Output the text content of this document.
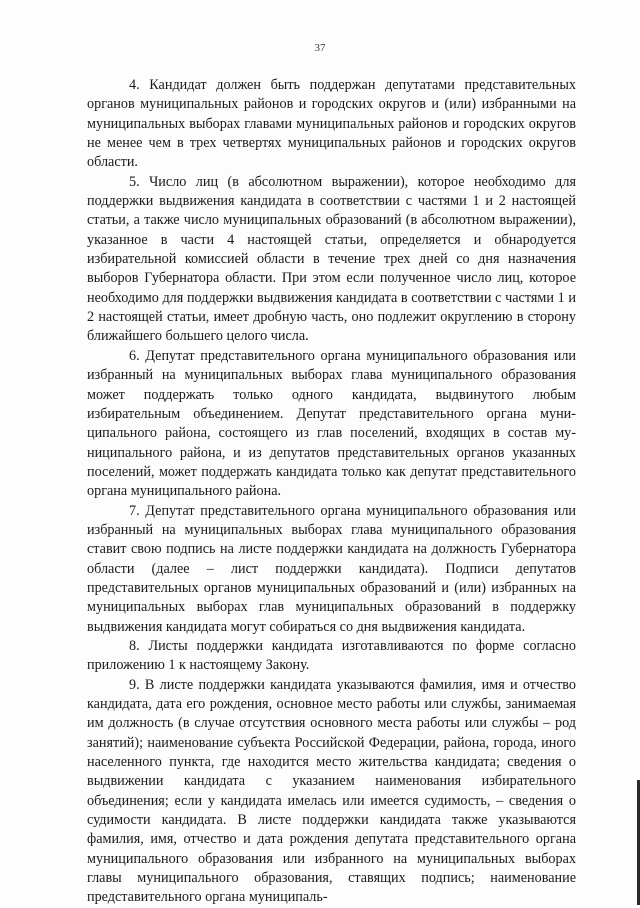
37

4. Кандидат должен быть поддержан депутатами представительных органов муниципальных районов и городских округов и (или) избранными на муниципальных выборах главами муниципальных районов и городских округов не менее чем в трех четвертях муниципальных районов и городских округов области.

5. Число лиц (в абсолютном выражении), которое необходимо для поддержки выдвижения кандидата в соответствии с частями 1 и 2 настоящей статьи, а также число муниципальных образований (в абсолютном выражении), указанное в части 4 настоящей статьи, определяется и обнародуется избирательной комиссией области в течение трех дней со дня назначения выборов Губернатора области. При этом если полученное число лиц, которое необходимо для поддержки выдвижения кандидата в соответствии с частями 1 и 2 настоящей статьи, имеет дробную часть, оно подлежит округлению в сторону ближайшего большего целого числа.

6. Депутат представительного органа муниципального образования или избранный на муниципальных выборах глава муниципального образования может поддержать только одного кандидата, выдвинутого любым избирательным объединением. Депутат представительного органа муниципального района, состоящего из глав поселений, входящих в состав муниципального района, и из депутатов представительных органов указанных поселений, может поддержать кандидата только как депутат представительного органа муниципального района.

7. Депутат представительного органа муниципального образования или избранный на муниципальных выборах глава муниципального образования ставит свою подпись на листе поддержки кандидата на должность Губернатора области (далее – лист поддержки кандидата). Подписи депутатов представительных органов муниципальных образований и (или) избранных на муниципальных выборах глав муниципальных образований в поддержку выдвижения кандидата могут собираться со дня выдвижения кандидата.

8. Листы поддержки кандидата изготавливаются по форме согласно приложению 1 к настоящему Закону.

9. В листе поддержки кандидата указываются фамилия, имя и отчество кандидата, дата его рождения, основное место работы или службы, занимаемая им должность (в случае отсутствия основного места работы или службы – род занятий); наименование субъекта Российской Федерации, района, города, иного населенного пункта, где находится место жительства кандидата; сведения о выдвижении кандидата с указанием наименования избирательного объединения; если у кандидата имелась или имеется судимость, – сведения о судимости кандидата. В листе поддержки кандидата также указываются фамилия, имя, отчество и дата рождения депутата представительного органа муниципального образования или избранного на муниципальных выборах главы муниципального образования, ставящих подпись; наименование представительного органа муниципаль-
